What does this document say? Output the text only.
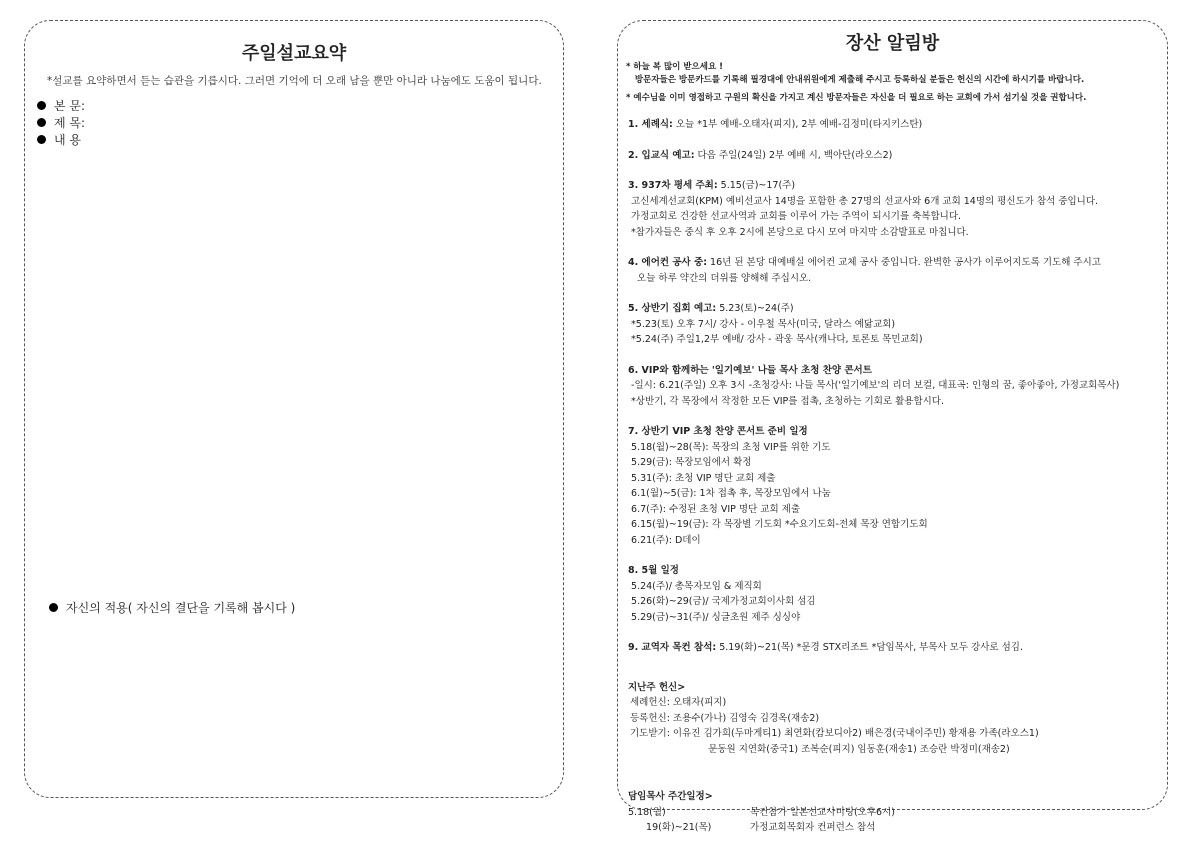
주일설교요약
*설교를 요약하면서 듣는 습관을 기릅시다. 그러면 기억에 더 오래 남을 뿐만 아니라 나눔에도 도움이 됩니다.
본 문:
제 목:
내 용
자신의 적용( 자신의 결단을 기록해 봅시다 )
장산 알림방
* 하늘 복 많이 받으세요 !
방문자들은 방문카드를 기록해 필경대에 안내위원에게 제출해 주시고 등록하실 분들은 헌신의 시간에 하시기를 바랍니다.
* 예수님을 이미 영접하고 구원의 확신을 가지고 계신 방문자들은 자신을 더 필요로 하는 교회에 가서 섬기실 것을 권합니다.
1. 세례식: 오늘 *1부 예배-오태자(피지), 2부 예배-김정미(타지키스탄)
2. 입교식 예고: 다음 주일(24일) 2부 예배 시, 백아단(라오스2)
3. 937차 평세 주최: 5.15(금)~17(주)
고신세계선교회(KPM) 예비선교사 14명을 포함한 총 27명의 선교사와 6개 교회 14명의 평신도가 참석 중입니다.
가정교회로 건강한 선교사역과 교회를 이루어 가는 주역이 되시기를 축복합니다.
*참가자들은 중식 후 오후 2시에 본당으로 다시 모여 마지막 소감발표로 마칩니다.
4. 에어컨 공사 중: 16년 된 본당 대예배실 에어컨 교체 공사 중입니다. 완벽한 공사가 이루어지도록 기도해 주시고
오늘 하루 약간의 더위를 양해해 주십시오.
5. 상반기 집회 예고: 5.23(토)~24(주)
*5.23(토) 오후 7시/ 강사 - 이우철 목사(미국, 달라스 예닮교회)
*5.24(주) 주일1,2부 예배/ 강사 - 곽웅 목사(캐나다, 토론토 목민교회)
6. VIP와 함께하는 '일기예보' 나들 목사 초청 찬양 콘서트
-일시: 6.21(주일) 오후 3시 -초청강사: 나들 목사('일기예보'의 리더 보컬, 대표곡: 인형의 꿈, 좋아좋아, 가정교회목사)
*상반기, 각 목장에서 작정한 모든 VIP를 접촉, 초청하는 기회로 활용합시다.
7. 상반기 VIP 초청 찬양 콘서트 준비 일정
5.18(월)~28(목): 목장의 초청 VIP를 위한 기도
5.29(금): 목장모임에서 확정
5.31(주): 초청 VIP 명단 교회 제출
6.1(월)~5(금): 1차 접촉 후, 목장모임에서 나눔
6.7(주): 수정된 초청 VIP 명단 교회 제출
6.15(월)~19(금): 각 목장별 기도회 *수요기도회-전체 목장 연합기도회
6.21(주): D데이
8. 5월 일정
5.24(주)/ 총목자모임 & 제직회
5.26(화)~29(금)/ 국제가정교회이사회 섬김
5.29(금)~31(주)/ 싱글초원 제주 싱싱야
9. 교역자 목컨 참석: 5.19(화)~21(목) *문경 STX리조트 *담임목사, 부목사 모두 강사로 섬김.
지난주 헌신>
세례헌신: 오태자(피지)
등록헌신: 조용수(가나) 김영숙 김경옥(재송2)
기도받기: 이유진 김가희(두마게티1) 최연화(캄보디아2) 배은경(국내이주민) 황재용 가족(라오스1)
문동원 지연화(중국1) 조복순(피지) 임동훈(재송1) 조승란 박정미(재송2)
담임목사 주간일정>
5.18(월)	목컨참가 일본선교사미팅(오후6시)
19(화)~21(목)	가정교회목회자 컨퍼런스 참석
